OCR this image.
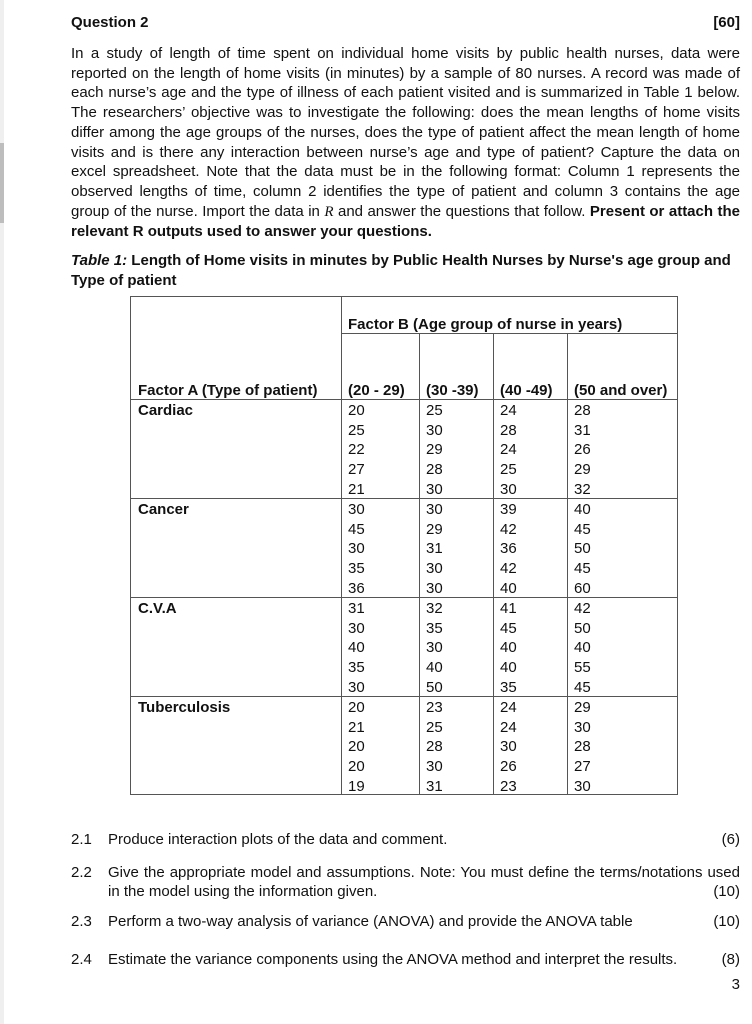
Question 2	[60]

In a study of length of time spent on individual home visits by public health nurses, data were reported on the length of home visits (in minutes) by a sample of 80 nurses. A record was made of each nurse’s age and the type of illness of each patient visited and is summarized in Table 1 below. The researchers’ objective was to investigate the following: does the mean lengths of home visits differ among the age groups of the nurses, does the type of patient affect the mean length of home visits and is there any interaction between nurse’s age and type of patient? Capture the data on excel spreadsheet. Note that the data must be in the following format: Column 1 represents the observed lengths of time, column 2 identifies the type of patient and column 3 contains the age group of the nurse. Import the data in R and answer the questions that follow. Present or attach the relevant R outputs used to answer your questions.

Table 1: Length of Home visits in minutes by Public Health Nurses by Nurse's age group and Type of patient

Factor B (Age group of nurse in years)
Factor A (Type of patient) (20 - 29) (30 -39) (40 -49) (50 and over)
Cardiac	20	25	24	28
25	30	28	31
22	29	24	26
27	28	25	29
21	30	30	32
Cancer	30	30	39	40
45	29	42	45
30	31	36	50
35	30	42	45
36	30	40	60
C.V.A	31	32	41	42
30	35	45	50
40	30	40	40
35	40	40	55
30	50	35	45
Tuberculosis	20	23	24	29
21	25	24	30
20	28	30	28
20	30	26	27
19	31	23	30
2.1 Produce interaction plots of the data and comment.	(6)
2.2 Give the appropriate model and assumptions. Note: You must define the terms/notations used in the model using the information given.	(10)
2.3 Perform a two-way analysis of variance (ANOVA) and provide the ANOVA table	(10)
2.4 Estimate the variance components using the ANOVA method and interpret the results.	(8)
3
